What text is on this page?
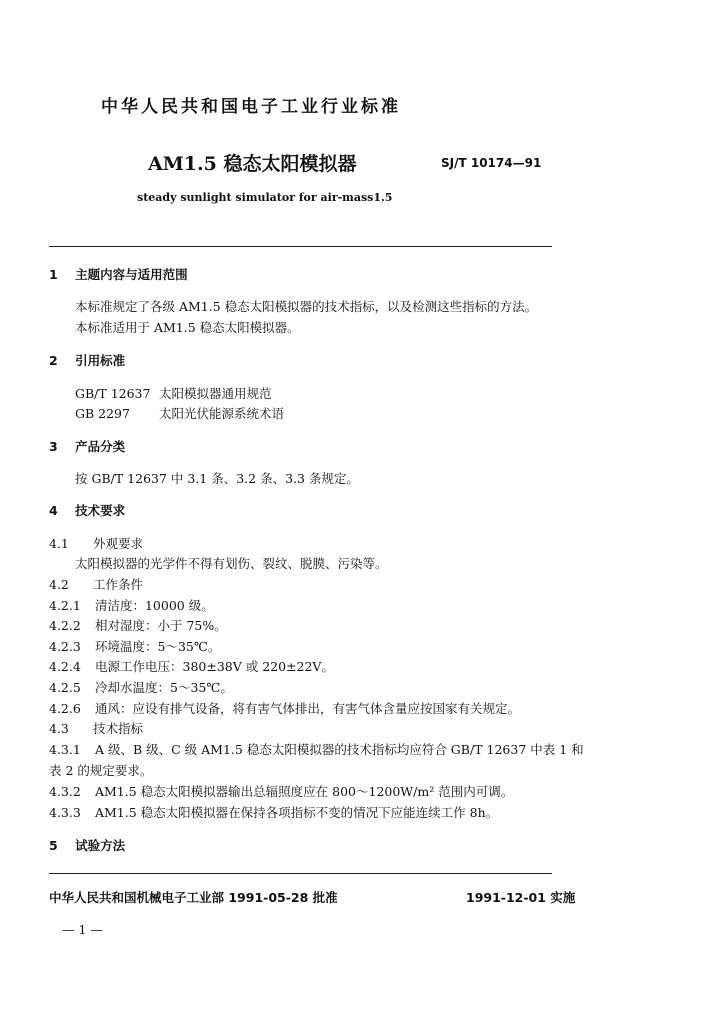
中华人民共和国电子工业行业标准
AM1.5 稳态太阳模拟器	SJ/T 10174—91
steady sunlight simulator for air-mass1.5
1 主题内容与适用范围
本标准规定了各级 AM1.5 稳态太阳模拟器的技术指标，以及检测这些指标的方法。
本标准适用于 AM1.5 稳态太阳模拟器。
2 引用标准
GB/T 12637 太阳模拟器通用规范
GB 2297 太阳光伏能源系统术语
3 产品分类
按 GB/T 12637 中 3.1 条、3.2 条、3.3 条规定。
4 技术要求
4.1 外观要求
太阳模拟器的光学件不得有划伤、裂纹、脱膜、污染等。
4.2 工作条件
4.2.1 清洁度：10000 级。
4.2.2 相对湿度：小于 75%。
4.2.3 环境温度：5～35℃。
4.2.4 电源工作电压：380±38V 或 220±22V。
4.2.5 冷却水温度：5～35℃。
4.2.6 通风：应设有排气设备，将有害气体排出，有害气体含量应按国家有关规定。
4.3 技术指标
4.3.1 A 级、B 级、C 级 AM1.5 稳态太阳模拟器的技术指标均应符合 GB/T 12637 中表 1 和
表 2 的规定要求。
4.3.2 AM1.5 稳态太阳模拟器输出总辐照度应在 800～1200W/m² 范围内可调。
4.3.3 AM1.5 稳态太阳模拟器在保持各项指标不变的情况下应能连续工作 8h。
5 试验方法
中华人民共和国机械电子工业部 1991-05-28 批准	1991-12-01 实施
— 1 —
